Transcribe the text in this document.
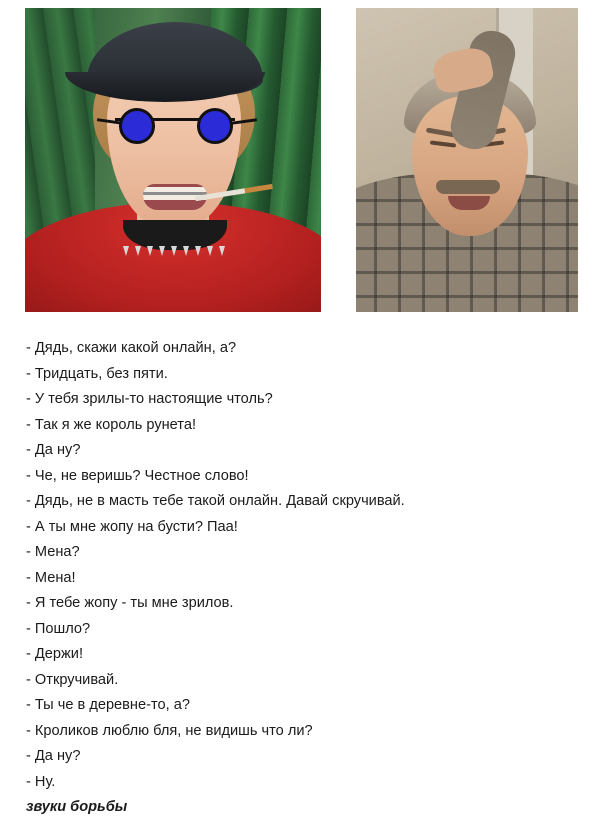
- Дядь, скажи какой онлайн, а?
- Тридцать, без пяти.
- У тебя зрилы-то настоящие чтоль?
- Так я же король рунета!
- Да ну?
- Че, не веришь? Честное слово!
- Дядь, не в масть тебе такой онлайн. Давай скручивай.
- А ты мне жопу на бусти? Паа!
- Мена?
- Мена!
- Я тебе жопу - ты мне зрилов.
- Пошло?
- Держи!
- Откручивай.
- Ты че в деревне-то, а?
- Кроликов люблю бля, не видишь что ли?
- Да ну?
- Ну.
звуки борьбы
